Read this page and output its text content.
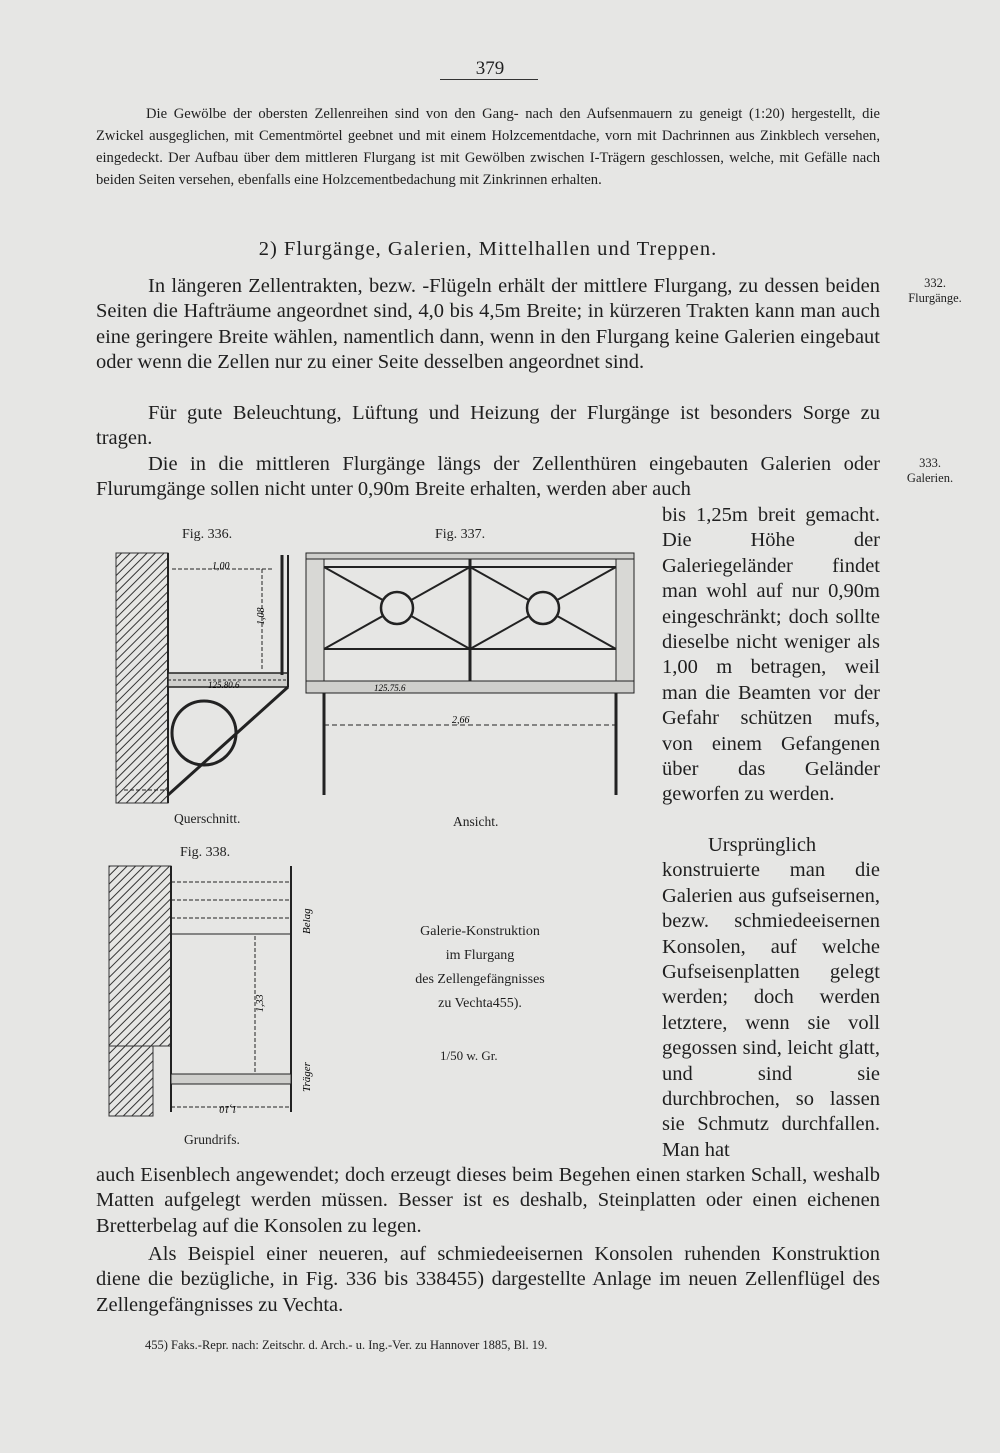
379

Die Gewölbe der obersten Zellenreihen sind von den Gang- nach den Aufsenmauern zu geneigt (1:20) hergestellt, die Zwickel ausgeglichen, mit Cementmörtel geebnet und mit einem Holzcementdache, vorn mit Dachrinnen aus Zinkblech versehen, eingedeckt. Der Aufbau über dem mittleren Flurgang ist mit Gewölben zwischen I-Trägern geschlossen, welche, mit Gefälle nach beiden Seiten versehen, ebenfalls eine Holzcementbedachung mit Zinkrinnen erhalten.

2) Flurgänge, Galerien, Mittelhallen und Treppen.

In längeren Zellentrakten, bezw. -Flügeln erhält der mittlere Flurgang, zu dessen beiden Seiten die Hafträume angeordnet sind, 4,0 bis 4,5m Breite; in kürzeren Trakten kann man auch eine geringere Breite wählen, namentlich dann, wenn in den Flurgang keine Galerien eingebaut oder wenn die Zellen nur zu einer Seite desselben angeordnet sind.

Für gute Beleuchtung, Lüftung und Heizung der Flurgänge ist besonders Sorge zu tragen.

Die in die mittleren Flurgänge längs der Zellenthüren eingebauten Galerien oder Flurumgänge sollen nicht unter 0,90m Breite erhalten, werden aber auch

bis 1,25m breit gemacht. Die Höhe der Galeriegeländer findet man wohl auf nur 0,90m eingeschränkt; doch sollte dieselbe nicht weniger als 1,00 m betragen, weil man die Beamten vor der Gefahr schützen mufs, von einem Gefangenen über das Geländer geworfen zu werden.

Ursprünglich konstruierte man die Galerien aus gufseisernen, bezw. schmiedeeisernen Konsolen, auf welche Gufseisenplatten gelegt werden; doch werden letztere, wenn sie voll gegossen sind, leicht glatt, und sind sie durchbrochen, so lassen sie Schmutz durchfallen. Man hat

auch Eisenblech angewendet; doch erzeugt dieses beim Begehen einen starken Schall, weshalb Matten aufgelegt werden müssen. Besser ist es deshalb, Steinplatten oder einen eichenen Bretterbelag auf die Konsolen zu legen.

Als Beispiel einer neueren, auf schmiedeeisernen Konsolen ruhenden Konstruktion diene die bezügliche, in Fig. 336 bis 338455) dargestellte Anlage im neuen Zellenflügel des Zellengefängnisses zu Vechta.

332.
Flurgänge.
333.
Galerien.
Fig. 336.	Fig. 337.
Fig. 338.
Querschnitt.	Ansicht.
Grundrifs.
Galerie-Konstruktion
im Flurgang
des Zellengefängnisses
zu Vechta455).
1/50 w. Gr.
1,00
1,08
125.80.6	125.75.6
2,66
1,33
1,10
Belag
Träger
455) Faks.-Repr. nach: Zeitschr. d. Arch.- u. Ing.-Ver. zu Hannover 1885, Bl. 19.
